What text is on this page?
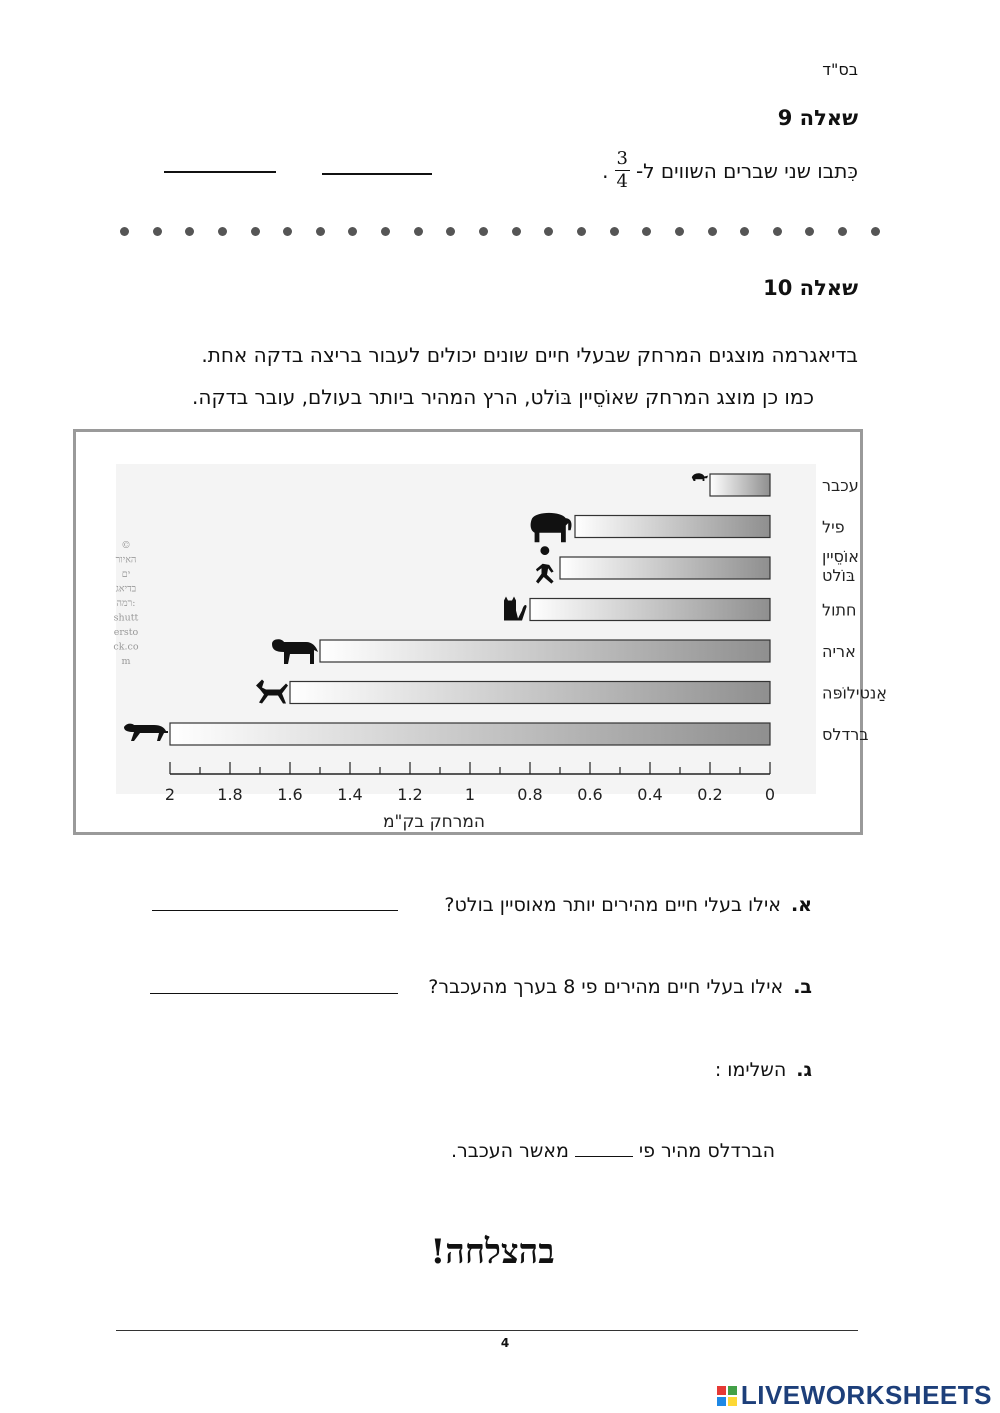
בס"ד
שאלה 9
כִּתבו שני שברים השווים ל-
$\frac{3}{4}$
.
שאלה 10
בדיאגרמה מוצגים המרחק שבעלי חיים שונים יכולים לעבור בריצה בדקה אחת.
כמו כן מוצג המרחק שאוֹסֵיין בּוֹלט, הרץ המהיר ביותר בעולם, עובר בדקה.
©
האיור
ים
בדיאג
רמה:
shutt
ersto
ck.co
m
עכבר
פיל
אוֹסֵיין
בּוֹלט
חתול
אריה
אַנטילוֹפּה
ברדלס
0
0.2
0.4
0.6
0.8
1
1.2
1.4
1.6
1.8
2
המרחק בק"מ
א.
אילו בעלי חיים מהירים יותר מאוסיין בולט?
ב.
אילו בעלי חיים מהירים פי 8 בערך מהעכבר?
ג.
השלימו :
הברדלס מהיר פימאשר העכבר.
בהצלחה!
4
LIVEWORKSHEETS
